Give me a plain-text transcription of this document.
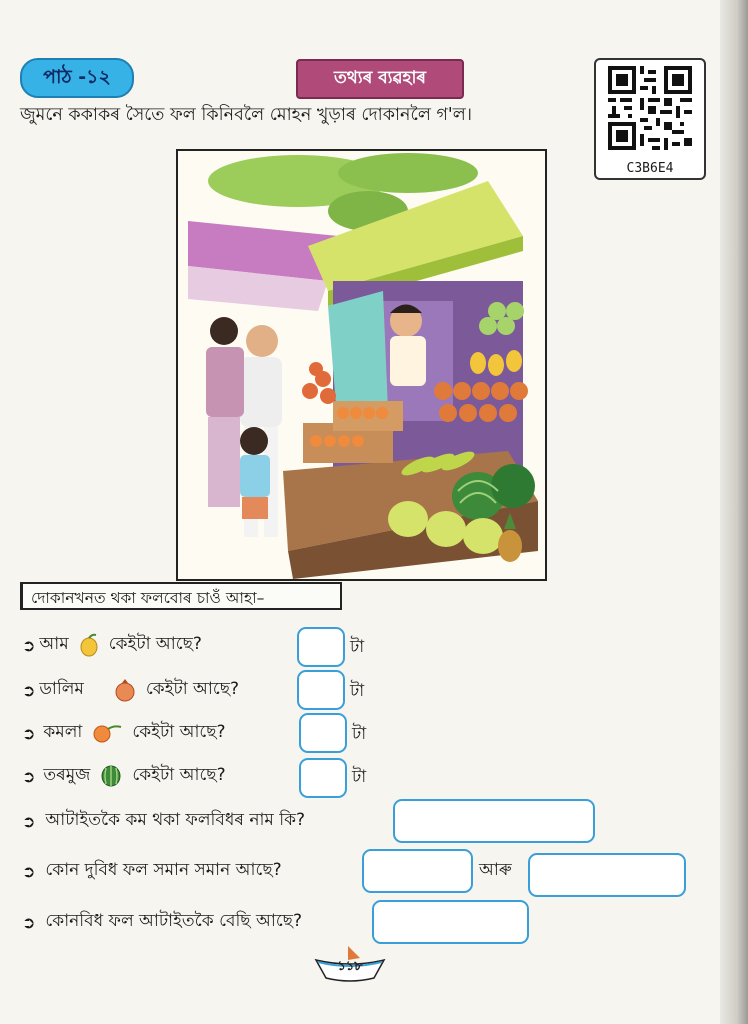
পাঠ -১২	তথ্যৰ ব্যৱহাৰ
C3B6E4
জুমনে ককাকৰ সৈতে ফল কিনিবলৈ মোহন খুড়াৰ দোকানলৈ গ'ল।
দোকানখনত থকা ফলবোৰ চাওঁ আহা–
➲ আম কেইটা আছে?	টা
➲ ডালিম	কেইটা আছে?	টা
➲ কমলা	কেইটা আছে?	টা
➲ তৰমুজ কেইটা আছে?	টা
➲ আটাইতকৈ কম থকা ফলবিধৰ নাম কি?
➲ কোন দুবিধ ফল সমান সমান আছে?	আৰু
➲ কোনবিধ ফল আটাইতকৈ বেছি আছে?
১১৮
